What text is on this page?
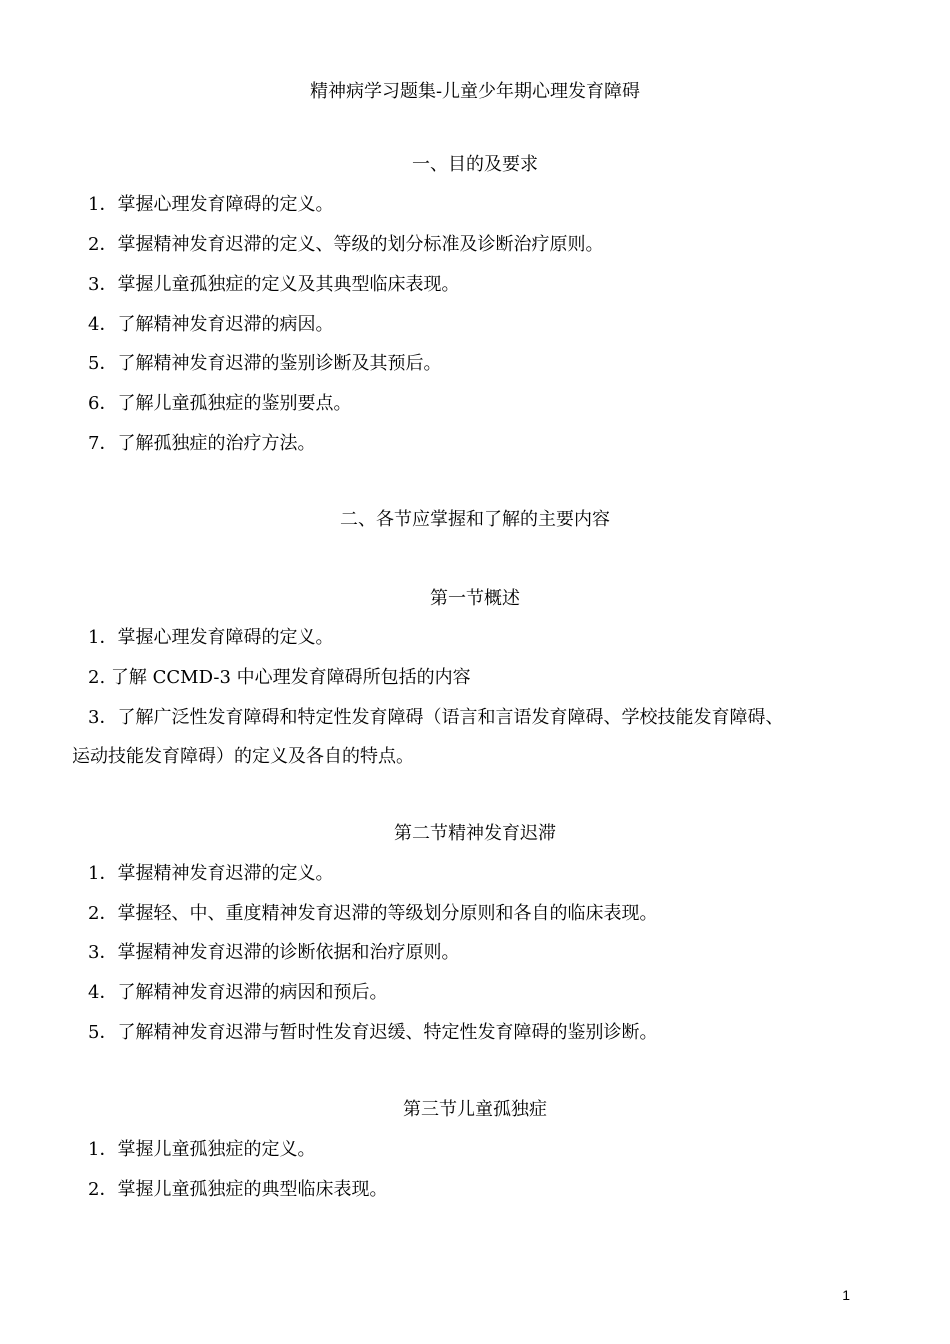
精神病学习题集-儿童少年期心理发育障碍
一、目的及要求
1．掌握心理发育障碍的定义。
2．掌握精神发育迟滞的定义、等级的划分标准及诊断治疗原则。
3．掌握儿童孤独症的定义及其典型临床表现。
4．了解精神发育迟滞的病因。
5．了解精神发育迟滞的鉴别诊断及其预后。
6．了解儿童孤独症的鉴别要点。
7．了解孤独症的治疗方法。
二、各节应掌握和了解的主要内容
第一节概述
1．掌握心理发育障碍的定义。
2. 了解 CCMD-3 中心理发育障碍所包括的内容
3．了解广泛性发育障碍和特定性发育障碍（语言和言语发育障碍、学校技能发育障碍、
运动技能发育障碍）的定义及各自的特点。
第二节精神发育迟滞
1．掌握精神发育迟滞的定义。
2．掌握轻、中、重度精神发育迟滞的等级划分原则和各自的临床表现。
3．掌握精神发育迟滞的诊断依据和治疗原则。
4．了解精神发育迟滞的病因和预后。
5．了解精神发育迟滞与暂时性发育迟缓、特定性发育障碍的鉴别诊断。
第三节儿童孤独症
1．掌握儿童孤独症的定义。
2．掌握儿童孤独症的典型临床表现。
1
